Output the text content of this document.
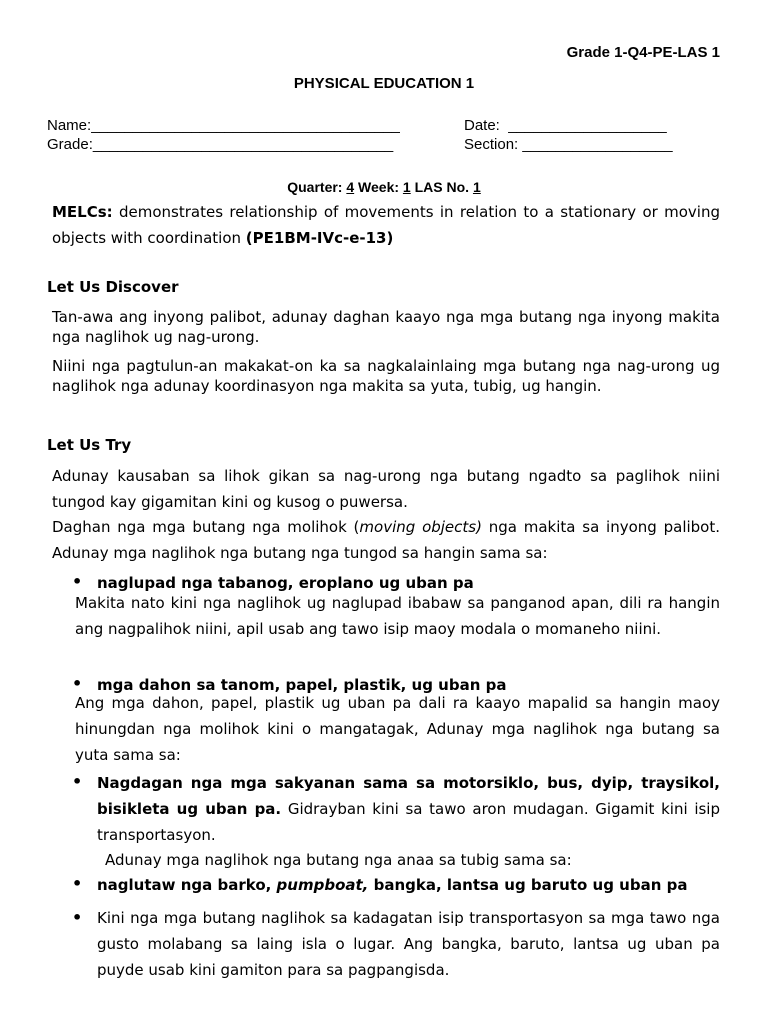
Grade 1-Q4-PE-LAS 1
PHYSICAL EDUCATION 1
Name:_____________________________________	Date: ___________________
Grade:____________________________________	Section: __________________
Quarter: 4 Week: 1 LAS No. 1
MELCs: demonstrates relationship of movements in relation to a stationary or moving objects with coordination (PE1BM-IVc-e-13)
Let Us Discover
Tan-awa ang inyong palibot, adunay daghan kaayo nga mga butang nga inyong makita nga naglihok ug nag-urong.
Niini nga pagtulun-an makakat-on ka sa nagkalainlaing mga butang nga nag-urong ug naglihok nga adunay koordinasyon nga makita sa yuta, tubig, ug hangin.
Let Us Try
Adunay kausaban sa lihok gikan sa nag-urong nga butang ngadto sa paglihok niini tungod kay gigamitan kini og kusog o puwersa.
Daghan nga mga butang nga molihok (moving objects) nga makita sa inyong palibot. Adunay mga naglihok nga butang nga tungod sa hangin sama sa:
• naglupad nga tabanog, eroplano ug uban pa
Makita nato kini nga naglihok ug naglupad ibabaw sa panganod apan, dili ra hangin ang nagpalihok niini, apil usab ang tawo isip maoy modala o momaneho niini.
• mga dahon sa tanom, papel, plastik, ug uban pa
Ang mga dahon, papel, plastik ug uban pa dali ra kaayo mapalid sa hangin maoy hinungdan nga molihok kini o mangatagak, Adunay mga naglihok nga butang sa yuta sama sa:
• Nagdagan nga mga sakyanan sama sa motorsiklo, bus, dyip, traysikol, bisikleta ug uban pa. Gidrayban kini sa tawo aron mudagan. Gigamit kini isip transportasyon.
Adunay mga naglihok nga butang nga anaa sa tubig sama sa:
• naglutaw nga barko, pumpboat, bangka, lantsa ug baruto ug uban pa
• Kini nga mga butang naglihok sa kadagatan isip transportasyon sa mga tawo nga gusto molabang sa laing isla o lugar. Ang bangka, baruto, lantsa ug uban pa puyde usab kini gamiton para sa pagpangisda.
